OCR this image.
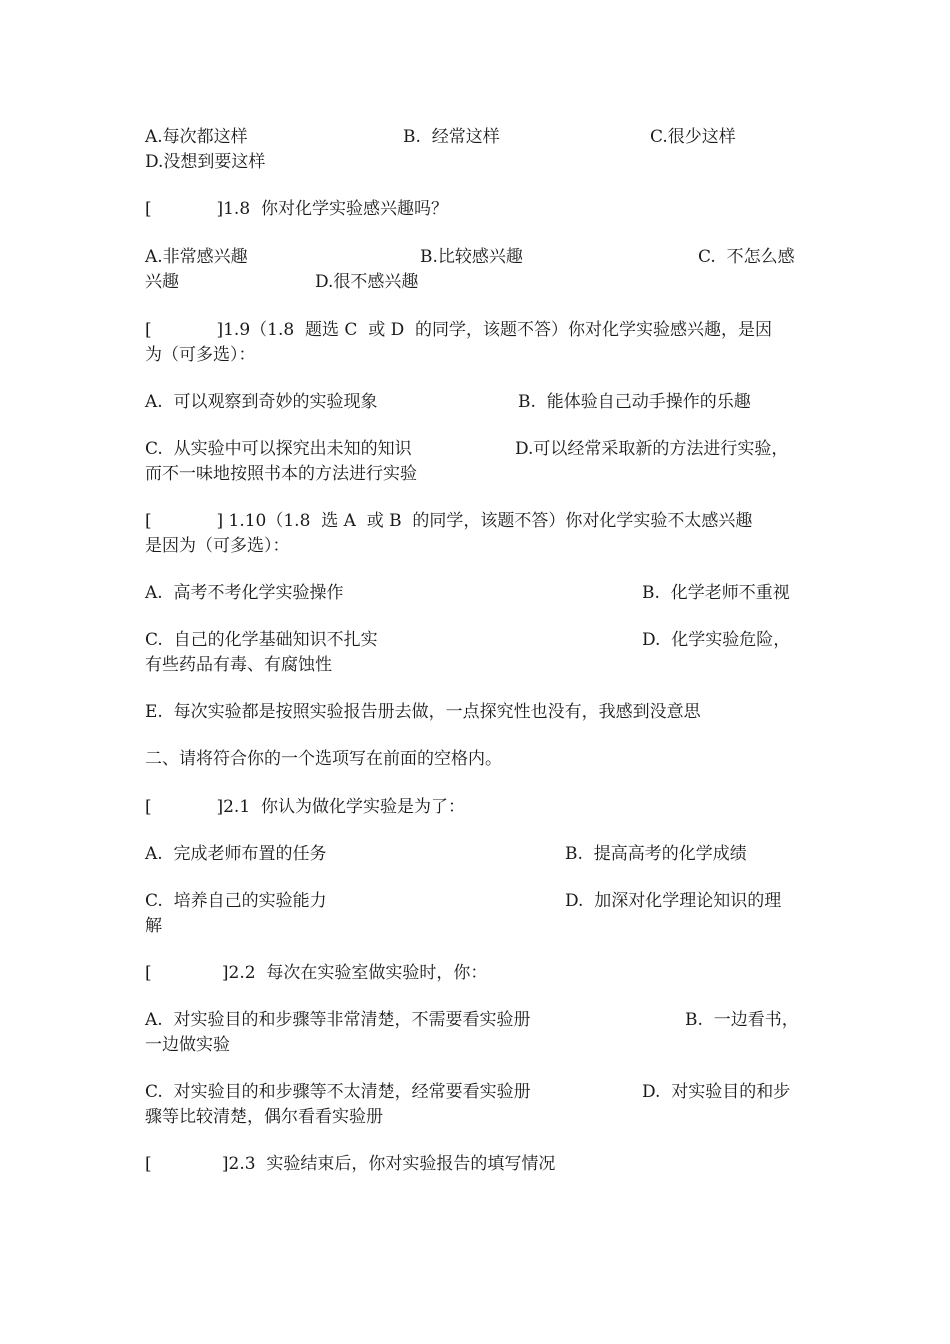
A.每次都这样	B.  经常这样	C.很少这样

D.没想到要这样

[            ]1.8  你对化学实验感兴趣吗？

A.非常感兴趣	B.比较感兴趣	C.  不怎么感

兴趣	D.很不感兴趣

[            ]1.9（1.8  题选 C  或 D  的同学，该题不答）你对化学实验感兴趣，是因

为（可多选）：

A.  可以观察到奇妙的实验现象	B.  能体验自己动手操作的乐趣

C.  从实验中可以探究出未知的知识	D.可以经常采取新的方法进行实验，

而不一味地按照书本的方法进行实验

[            ] 1.10（1.8  选 A  或 B  的同学，该题不答）你对化学实验不太感兴趣

是因为（可多选）：

A.  高考不考化学实验操作	B.  化学老师不重视

C.  自己的化学基础知识不扎实	D.  化学实验危险，

有些药品有毒、有腐蚀性

E.  每次实验都是按照实验报告册去做，一点探究性也没有，我感到没意思

二、请将符合你的一个选项写在前面的空格内。

[            ]2.1  你认为做化学实验是为了：

A.  完成老师布置的任务	B.  提高高考的化学成绩

C.  培养自己的实验能力	D.  加深对化学理论知识的理

解

[             ]2.2  每次在实验室做实验时，你：

A.  对实验目的和步骤等非常清楚，不需要看实验册	B.  一边看书，

一边做实验

C.  对实验目的和步骤等不太清楚，经常要看实验册	D.  对实验目的和步

骤等比较清楚，偶尔看看实验册

[             ]2.3  实验结束后，你对实验报告的填写情况
